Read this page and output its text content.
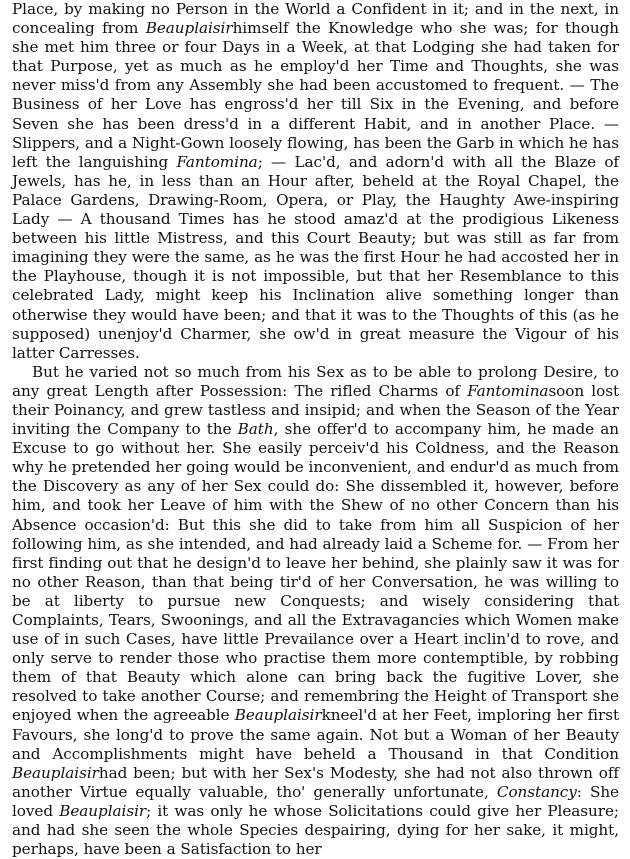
Place, by making no Person in the World a Confident in it; and in the next, in concealing from Beauplaisirhimself the Knowledge who she was; for though she met him three or four Days in a Week, at that Lodging she had taken for that Purpose, yet as much as he employ'd her Time and Thoughts, she was never miss'd from any Assembly she had been accustomed to frequent. — The Business of her Love has engross'd her till Six in the Evening, and before Seven she has been dress'd in a different Habit, and in another Place. — Slippers, and a Night-Gown loosely flowing, has been the Garb in which he has left the languishing Fantomina; — Lac'd, and adorn'd with all the Blaze of Jewels, has he, in less than an Hour after, beheld at the Royal Chapel, the Palace Gardens, Drawing-Room, Opera, or Play, the Haughty Awe-inspiring Lady — A thousand Times has he stood amaz'd at the prodigious Likeness between his little Mistress, and this Court Beauty; but was still as far from imagining they were the same, as he was the first Hour he had accosted her in the Playhouse, though it is not impossible, but that her Resemblance to this celebrated Lady, might keep his Inclination alive something longer than otherwise they would have been; and that it was to the Thoughts of this (as he supposed) unenjoy'd Charmer, she ow'd in great measure the Vigour of his latter Carresses.

But he varied not so much from his Sex as to be able to prolong Desire, to any great Length after Possession: The rifled Charms of Fantominasoon lost their Poinancy, and grew tastless and insipid; and when the Season of the Year inviting the Company to the Bath, she offer'd to accompany him, he made an Excuse to go without her. She easily perceiv'd his Coldness, and the Reason why he pretended her going would be inconvenient, and endur'd as much from the Discovery as any of her Sex could do: She dissembled it, however, before him, and took her Leave of him with the Shew of no other Concern than his Absence occasion'd: But this she did to take from him all Suspicion of her following him, as she intended, and had already laid a Scheme for. — From her first finding out that he design'd to leave her behind, she plainly saw it was for no other Reason, than that being tir'd of her Conversation, he was willing to be at liberty to pursue new Conquests; and wisely considering that Complaints, Tears, Swoonings, and all the Extravagancies which Women make use of in such Cases, have little Prevailance over a Heart inclin'd to rove, and only serve to render those who practise them more contemptible, by robbing them of that Beauty which alone can bring back the fugitive Lover, she resolved to take another Course; and remembring the Height of Transport she enjoyed when the agreeable Beauplaisirkneel'd at her Feet, imploring her first Favours, she long'd to prove the same again. Not but a Woman of her Beauty and Accomplishments might have beheld a Thousand in that Condition Beauplaisirhad been; but with her Sex's Modesty, she had not also thrown off another Virtue equally valuable, tho' generally unfortunate, Constancy: She loved Beauplaisir; it was only he whose Solicitations could give her Pleasure; and had she seen the whole Species despairing, dying for her sake, it might, perhaps, have been a Satisfaction to her
